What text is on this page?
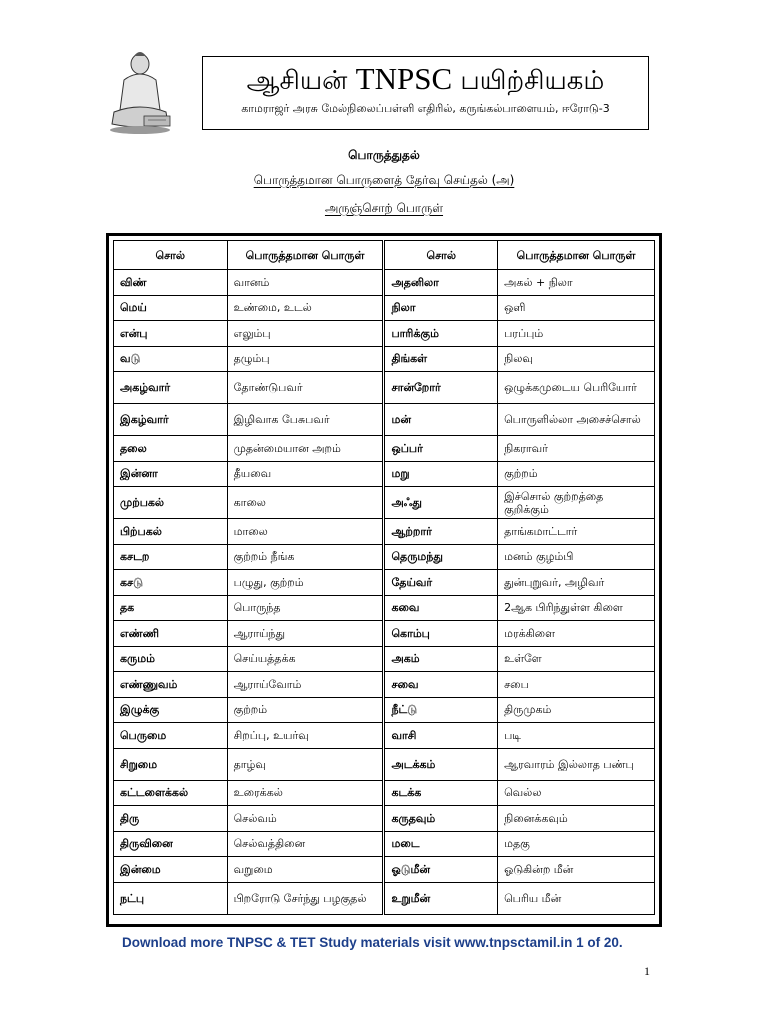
ஆசியன் TNPSC பயிற்சியகம்
காமராஜர் அரசு மேல்நிலைப்பள்ளி எதிரில், கருங்கல்பாளையம், ஈரோடு-3
பொருத்துதல்
பொருத்தமான பொருளைத் தேர்வு செய்தல் (அ)
அருஞ்சொற் பொருள்
சொல்	பொருத்தமான பொருள்	சொல்	பொருத்தமான பொருள்
விண்	வானம்	அதனிலா	அகல் + நிலா
மெய்	உண்மை, உடல்	நிலா	ஒளி
என்பு	எலும்பு	பாரிக்கும்	பரப்பும்
வடு	தழும்பு	திங்கள்	நிலவு
அகழ்வார்	தோண்டுபவர்	சான்றோர்	ஒழுக்கமுடைய பெரியோர்
இகழ்வார்	இழிவாக பேசுபவர்	மன்	பொருளில்லா அசைச்சொல்
தலை	முதன்மையான அறம்	ஒப்பர்	நிகராவர்
இன்னா	தீயவை	மறு	குற்றம்
முற்பகல்	காலை	அஃது	இச்சொல் குற்றத்தை குறிக்கும்
பிற்பகல்	மாலை	ஆற்றார்	தாங்கமாட்டார்
கசடற	குற்றம் நீங்க	தெருமந்து	மனம் குழம்பி
கசடு	பழுது, குற்றம்	தேய்வர்	துன்புறுவர், அழிவர்
தக	பொருந்த	கவை	2ஆக பிரிந்துள்ள கிளை
எண்ணி	ஆராய்ந்து	கொம்பு	மரக்கிளை
கருமம்	செய்யத்தக்க	அகம்	உள்ளே
எண்ணுவம்	ஆராய்வோம்	சவை	சபை
இழுக்கு	குற்றம்	நீட்டு	திருமுகம்
பெருமை	சிறப்பு, உயர்வு	வாசி	படி
சிறுமை	தாழ்வு	அடக்கம்	ஆரவாரம் இல்லாத பண்பு
கட்டளைக்கல்	உரைக்கல்	கடக்க	வெல்ல
திரு	செல்வம்	கருதவும்	நினைக்கவும்
திருவினை	செல்வத்தினை	மடை	மதகு
இன்மை	வறுமை	ஓடுமீன்	ஓடுகின்ற மீன்
நட்பு	பிறரோடு சேர்ந்து பழகுதல்	உறுமீன்	பெரிய மீன்
Download more TNPSC & TET Study materials visit www.tnpsctamil.in 1 of 20.
1
